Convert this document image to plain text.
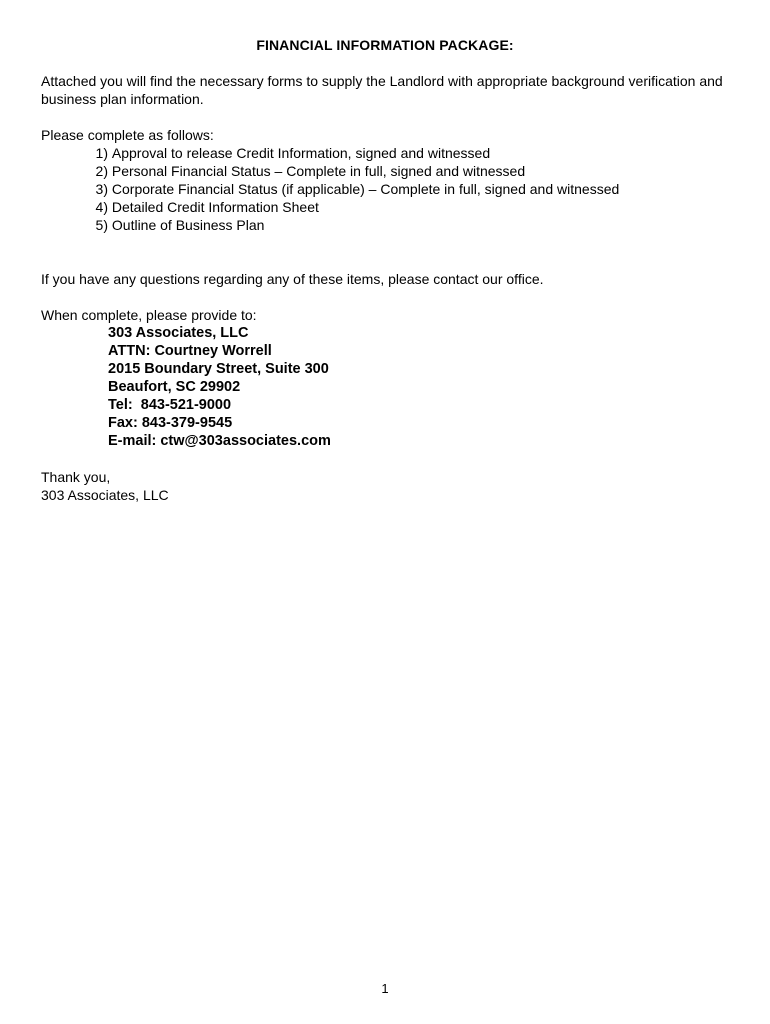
FINANCIAL INFORMATION PACKAGE:

Attached you will find the necessary forms to supply the Landlord with appropriate background verification and business plan information.

Please complete as follows:

1) Approval to release Credit Information, signed and witnessed
2) Personal Financial Status – Complete in full, signed and witnessed
3) Corporate Financial Status (if applicable) – Complete in full, signed and witnessed
4) Detailed Credit Information Sheet
5) Outline of Business Plan

If you have any questions regarding any of these items, please contact our office.

When complete, please provide to:

303 Associates, LLC
ATTN: Courtney Worrell
2015 Boundary Street, Suite 300
Beaufort, SC 29902
Tel:  843-521-9000
Fax: 843-379-9545
E-mail: ctw@303associates.com

Thank you,

303 Associates, LLC

1
